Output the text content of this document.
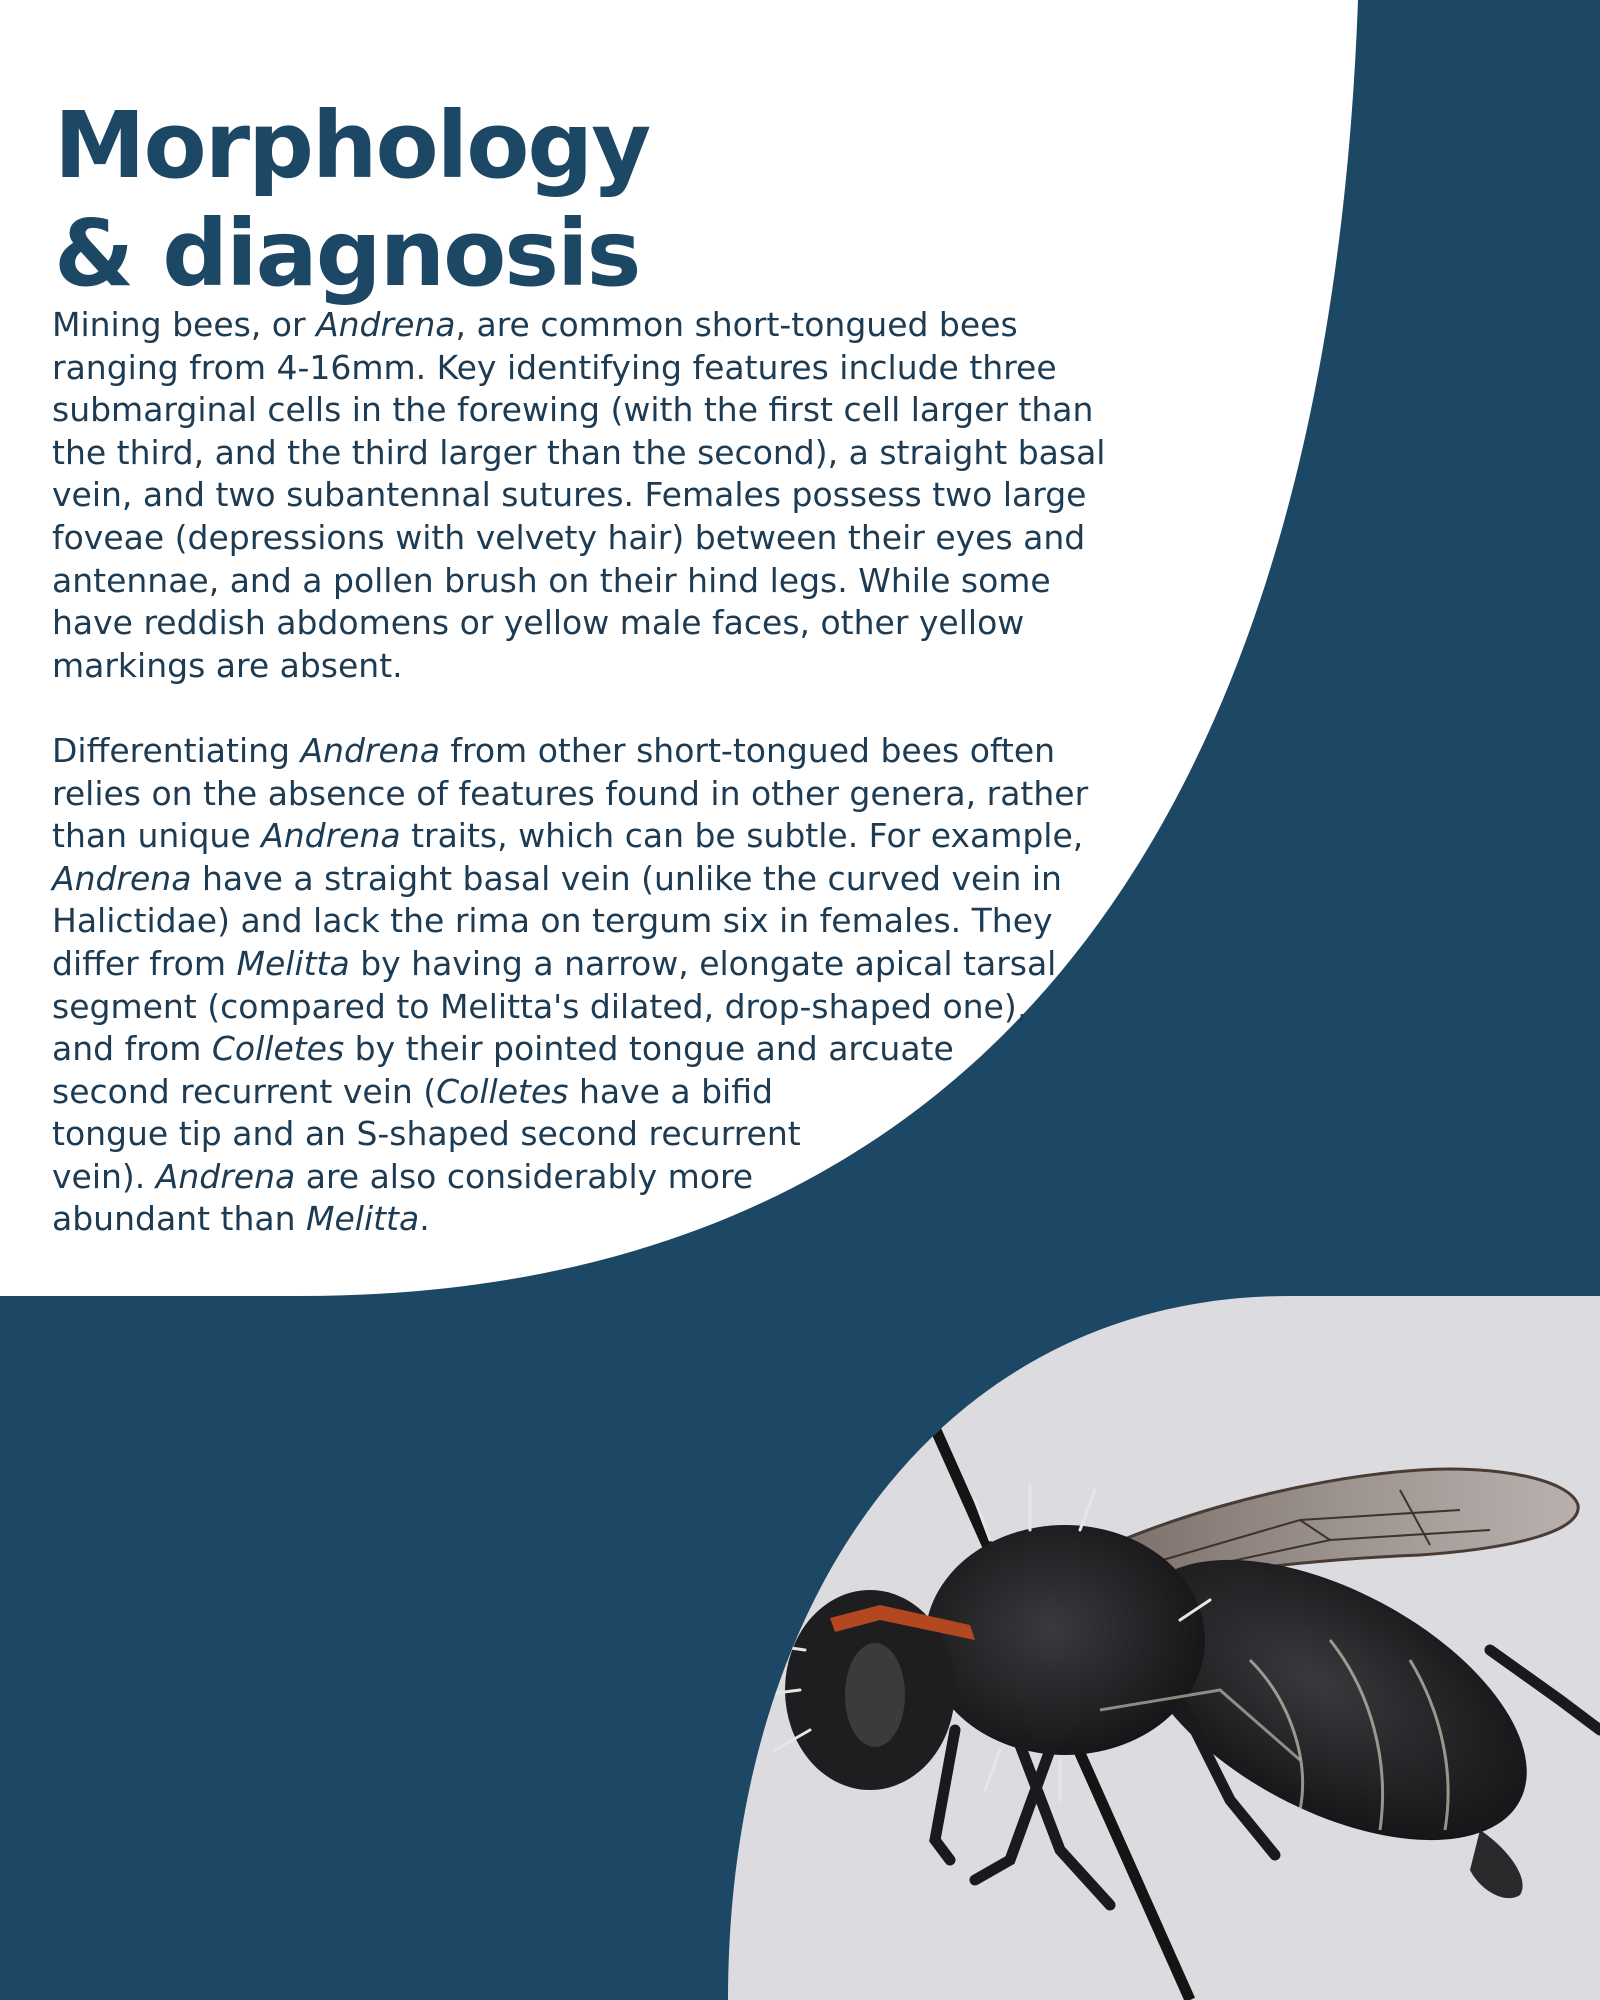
Morphology
& diagnosis

Mining bees, or Andrena, are common short-tongued bees
ranging from 4-16mm. Key identifying features include three
submarginal cells in the forewing (with the first cell larger than
the third, and the third larger than the second), a straight basal
vein, and two subantennal sutures. Females possess two large
foveae (depressions with velvety hair) between their eyes and
antennae, and a pollen brush on their hind legs. While some
have reddish abdomens or yellow male faces, other yellow
markings are absent.

Differentiating Andrena from other short-tongued bees often
relies on the absence of features found in other genera, rather
than unique Andrena traits, which can be subtle. For example,
Andrena have a straight basal vein (unlike the curved vein in
Halictidae) and lack the rima on tergum six in females. They
differ from Melitta by having a narrow, elongate apical tarsal
segment (compared to Melitta's dilated, drop-shaped one),
and from Colletes by their pointed tongue and arcuate
second recurrent vein (Colletes have a bifid
tongue tip and an S-shaped second recurrent
vein). Andrena are also considerably more
abundant than Melitta.
